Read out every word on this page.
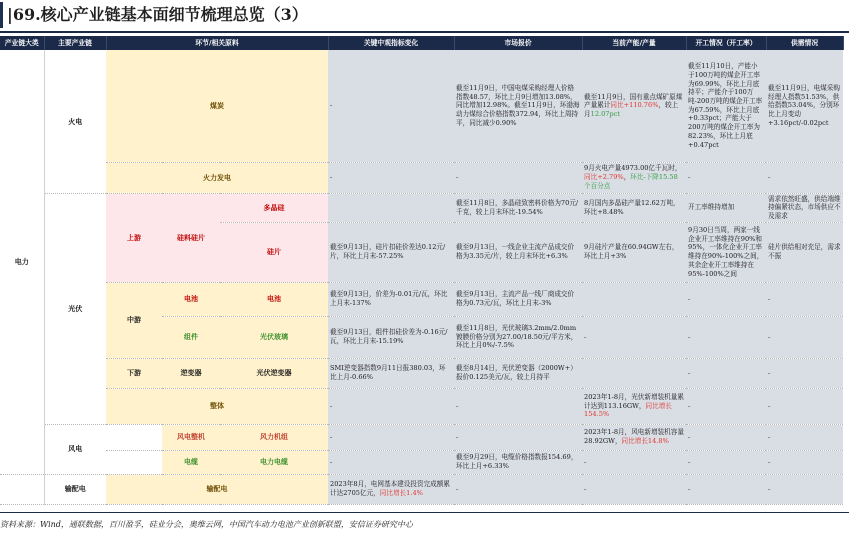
|69.核心产业链基本面细节梳理总览（3）
产业链大类	主要产业链	环节/相关原料			关键中观指标变化	市场报价	当前产能/产量	开工情况（开工率）	供需情况
电力	火电	煤炭			-	截至11月9日，中国电煤采购经理人价格指数48.57，环比上月9日增加13.08%，同比增加12.98%。截至11月9日，环渤海动力煤综合价格指数372.94，环比上周持平，同比减少0.90%	截至11月9日，国有重点煤矿原煤产量累计同比+110.76%，较上月12.07pct	截至11月10日，产能小于100万吨的煤企开工率为69.99%，环比上月底持平；产能介于100万吨-200万吨的煤企开工率为67.59%，环比上月底+0.33pct；产能大于200万吨的煤企开工率为82.23%，环比上月底+0.47pct	截至11月9日，电煤采购经理人指数51.53%，供给指数53.04%，分别环比上月变动+3.16pct/-0.02pct
		火力发电			-	-	9月火电产量4973.00亿千瓦时，同比+2.79%，环比-下降15.58个百分点	-	-
	光伏	上游	硅料硅片	多晶硅		截至11月8日，多晶硅致密料价格为70元/千克，较上月末环比-19.54%	8月国内多晶硅产量12.62万吨，环比+8.48%	开工率维持增加	需求依然旺盛，供给端维持偏紧状态，市场供应不及需求
				硅片	截至9月13日，硅片扣硅价差达0.12元/片，环比上月末-57.25%	截至9月13日，一线企业主流产品成交价格为3.35元/片，较上月末环比+6.3%	9月硅片产量在60.94GW左右，环比上月+3%	9月30日当周，两家一线企业开工率维持在90%和95%，一体化企业开工率维持在90%-100%之间，其余企业开工率维持在95%-100%之间	硅片供给相对充足，需求不振
		中游	电池	电池	截至9月13日，价差为-0.01元/瓦，环比上月末-137%	截至9月13日，主流产品一线厂商成交价格为0.73元/瓦，环比上月末-3%		-	-
			组件	光伏玻璃	截至9月13日，组件扣硅价差为-0.16元/瓦，环比上月末-15.19%	截至11月8日，光伏玻璃3.2mm/2.0mm镀膜价格分别为27.00/18.50元/平方米，环比上月0%/-7.5%	-	-	-
		下游	逆变器	光伏逆变器	SMI逆变器指数9月11日报380.03，环比上月-0.66%	截至8月14日，光伏逆变器（2000W+）报价0.125美元/瓦，较上月持平		-	-
		整体			-	-	2023年1-8月，光伏新增装机量累计达到113.16GW，同比增长154.5%	-	-
	风电		风电整机	风力机组	-	-	2023年1-8月，风电新增装机容量28.92GW，同比增长14.8%	-	-
			电缆	电力电缆	-	截至9月29日，电缆价格指数报154.69，环比上月+6.33%	-	-	-
	输配电	输配电			2023年8月，电网基本建设投资完成额累计达2705亿元，同比增长1.4%	-	-	-	-
资料来源：Wind，通联数据，百川盈孚，硅业分会，奥维云网，中国汽车动力电池产业创新联盟，安信证券研究中心
